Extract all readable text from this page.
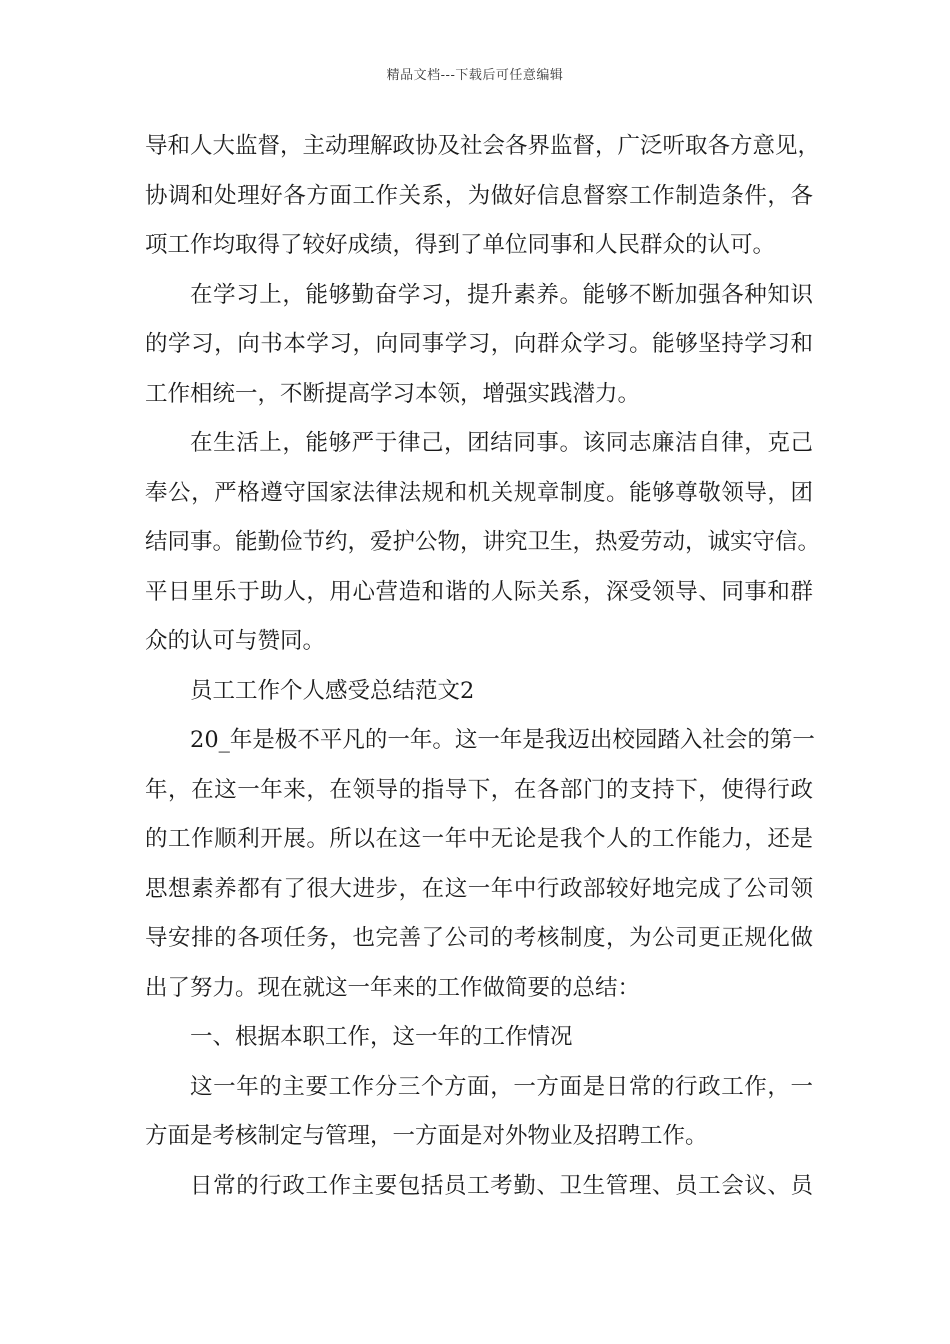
精品文档---下载后可任意编辑
导和人大监督，主动理解政协及社会各界监督，广泛听取各方意见，
协调和处理好各方面工作关系，为做好信息督察工作制造条件，各
项工作均取得了较好成绩，得到了单位同事和人民群众的认可。
在学习上，能够勤奋学习，提升素养。能够不断加强各种知识
的学习，向书本学习，向同事学习，向群众学习。能够坚持学习和
工作相统一，不断提高学习本领，增强实践潜力。
在生活上，能够严于律己，团结同事。该同志廉洁自律，克己
奉公，严格遵守国家法律法规和机关规章制度。能够尊敬领导，团
结同事。能勤俭节约，爱护公物，讲究卫生，热爱劳动，诚实守信。
平日里乐于助人，用心营造和谐的人际关系，深受领导、同事和群
众的认可与赞同。
员工工作个人感受总结范文2
20_年是极不平凡的一年。这一年是我迈出校园踏入社会的第一
年，在这一年来，在领导的指导下，在各部门的支持下，使得行政
的工作顺利开展。所以在这一年中无论是我个人的工作能力，还是
思想素养都有了很大进步，在这一年中行政部较好地完成了公司领
导安排的各项任务，也完善了公司的考核制度，为公司更正规化做
出了努力。现在就这一年来的工作做简要的总结：
一、根据本职工作，这一年的工作情况
这一年的主要工作分三个方面，一方面是日常的行政工作，一
方面是考核制定与管理，一方面是对外物业及招聘工作。
日常的行政工作主要包括员工考勤、卫生管理、员工会议、员
